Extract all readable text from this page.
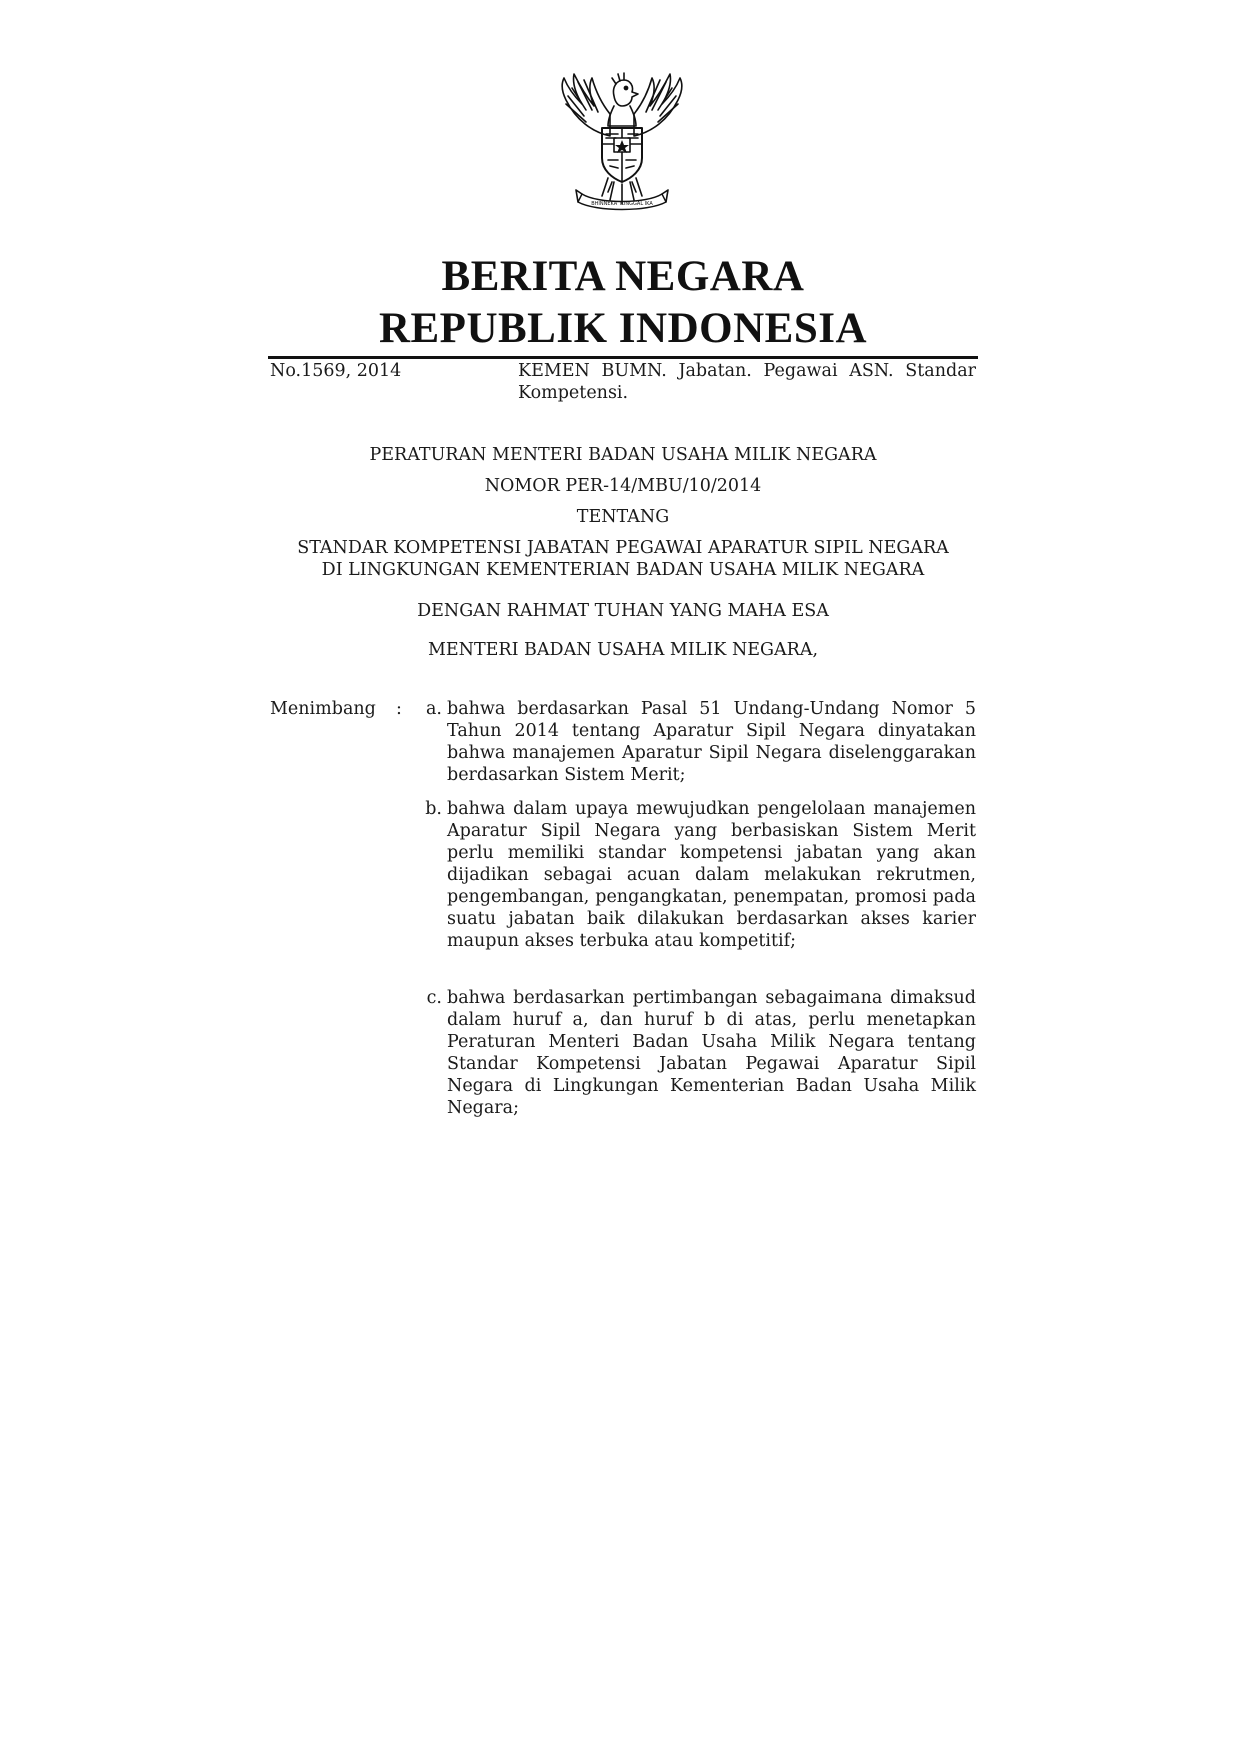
BHINNEKA TUNGGAL IKA
BERITA NEGARA
REPUBLIK INDONESIA
No.1569, 2014	KEMEN BUMN. Jabatan. Pegawai ASN. Standar Kompetensi.
PERATURAN MENTERI BADAN USAHA MILIK NEGARA
NOMOR PER-14/MBU/10/2014
TENTANG
STANDAR KOMPETENSI JABATAN PEGAWAI APARATUR SIPIL NEGARA
DI LINGKUNGAN KEMENTERIAN BADAN USAHA MILIK NEGARA
DENGAN RAHMAT TUHAN YANG MAHA ESA
MENTERI BADAN USAHA MILIK NEGARA,
Menimbang :	a. bahwa berdasarkan Pasal 51 Undang-Undang Nomor 5 Tahun 2014 tentang Aparatur Sipil Negara dinyatakan bahwa manajemen Aparatur Sipil Negara diselenggarakan berdasarkan Sistem Merit;
b. bahwa dalam upaya mewujudkan pengelolaan manajemen Aparatur Sipil Negara yang berbasiskan Sistem Merit perlu memiliki standar kompetensi jabatan yang akan dijadikan sebagai acuan dalam melakukan rekrutmen, pengembangan, pengangkatan, penempatan, promosi pada suatu jabatan baik dilakukan berdasarkan akses karier maupun akses terbuka atau kompetitif;
c. bahwa berdasarkan pertimbangan sebagaimana dimaksud dalam huruf a, dan huruf b di atas, perlu menetapkan Peraturan Menteri Badan Usaha Milik Negara tentang Standar Kompetensi Jabatan Pegawai Aparatur Sipil Negara di Lingkungan Kementerian Badan Usaha Milik Negara;
